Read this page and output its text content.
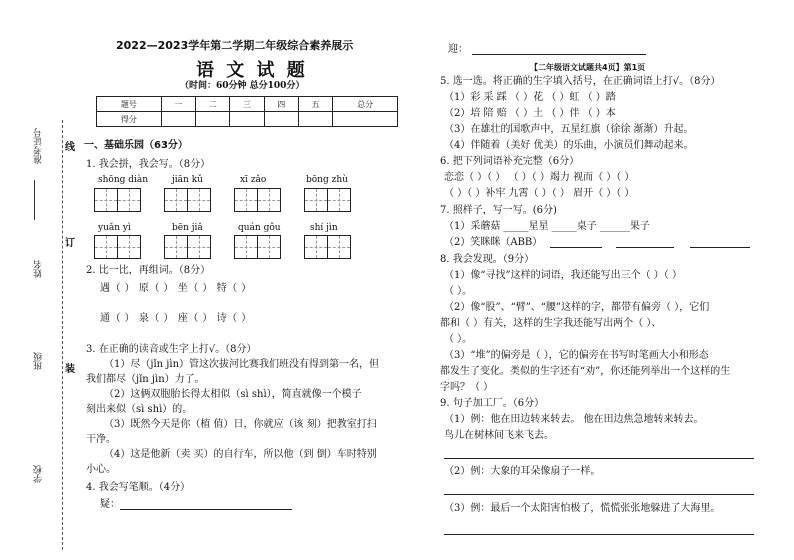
准考证号
姓名
班级
学校
线
订
装
2022—2023学年第二学期二年级综合素养展示
语 文 试 题
（时间：60分钟 总分100分）
题号	一	二	三	四	五	总分
得分						
一、基础乐园（63分）
1. 我会拼，我会写。（8分）
shōng diàn	jiān kǔ	xī zǎo	bōng zhù
yuǎn yì	bēn jiǎ	quán gǒu	shí jìn
2. 比一比，再组词。（8分）
遇（ ） 原（ ） 坐（ ） 特（ ）
通（ ） 泉（ ） 座（ ） 诗（ ）
3. 在正确的读音或生字上打√。（8分）
（1）尽（jǐn jìn）管这次拔河比赛我们班没有得到第一名，但
我们都尽（jǐn jìn）力了。
（2）这俩双胞胎长得太相似（sì shì），简直就像一个模子
刻出来似（sì shì）的。
（3）既然今天是你（植 值）日，你就应（该 刻）把教室打扫
干净。
（4）这是他新（卖 买）的自行车，所以他（到 倒）车时特别
小心。
4. 我会写笔顺。（4分）
疑：
迎：
【二年级语文试题共4页】第1页
5. 选一选。将正确的生字填入括号，在正确词语上打√。（8分）
（1）彩 采 踩 （ ）花 （ ）虹 （ ）踏
（2）培 陪 赔 （ ）土 （ ）伴 （ ）本
（3）在雄壮的国歌声中，五星红旗（徐徐 渐渐）升起。
（4）伴随着（美好 优美）的乐曲，小演员们舞动起来。
6. 把下列词语补充完整（6分）
恋恋（ ）（ ） （ ）（ ）竭力 视而（ ）（ ）
（ ）（ ）补牢 九霄（ ）（ ） 眉开（ ）（ ）
7. 照样子，写一写。(6分)
（1）采蘑菇 _____星星 _____桌子 ______果子
（2）笑眯眯（ABB）
8. 我会发现。（9分）
（1）像“寻找”这样的词语，我还能写出三个（ ）（ ）
（ ）。
（2）像“股”、“臂”、“腰”这样的字，都带有偏旁（ ），它们
都和（ ）有关，这样的生字我还能写出两个（ ）、
（ ）。
（3）“堆”的偏旁是（ ），它的偏旁在书写时笔画大小和形态
都发生了变化。类似的生字还有“劝”，你还能列举出一个这样的生
字吗？（ ）
9. 句子加工厂。（6分）
（1）例：他在田边转来转去。 他在田边焦急地转来转去。
鸟儿在树林间飞来飞去。
（2）例：大象的耳朵像扇子一样。
（3）例：最后一个太阳害怕极了，慌慌张张地躲进了大海里。
